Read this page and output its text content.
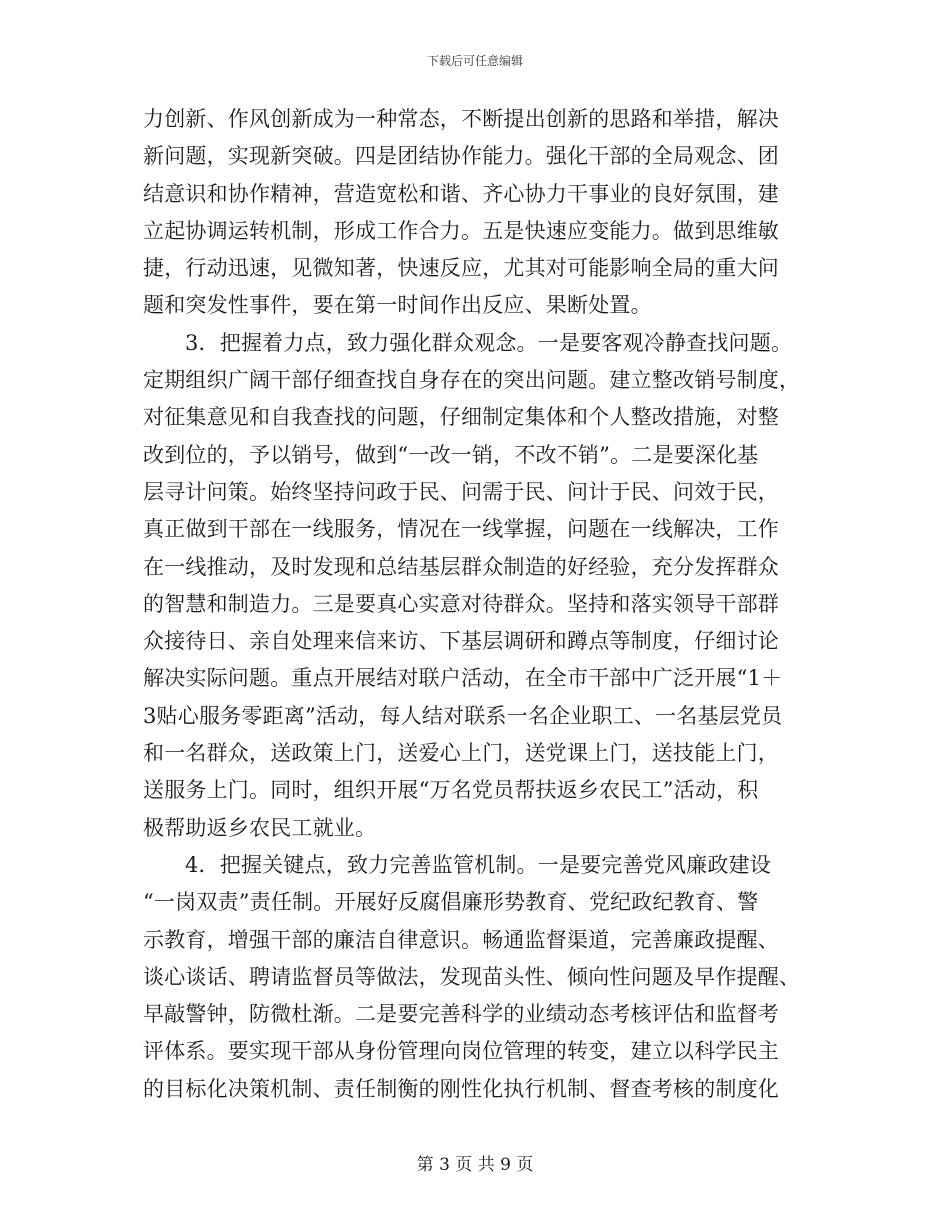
下载后可任意编辑
力创新、作风创新成为一种常态，不断提出创新的思路和举措，解决
新问题，实现新突破。四是团结协作能力。强化干部的全局观念、团
结意识和协作精神，营造宽松和谐、齐心协力干事业的良好氛围，建
立起协调运转机制，形成工作合力。五是快速应变能力。做到思维敏
捷，行动迅速，见微知著，快速反应，尤其对可能影响全局的重大问
题和突发性事件，要在第一时间作出反应、果断处置。
3．把握着力点，致力强化群众观念。一是要客观冷静查找问题。
定期组织广阔干部仔细查找自身存在的突出问题。建立整改销号制度，
对征集意见和自我查找的问题，仔细制定集体和个人整改措施，对整
改到位的，予以销号，做到“一改一销，不改不销”。二是要深化基
层寻计问策。始终坚持问政于民、问需于民、问计于民、问效于民，
真正做到干部在一线服务，情况在一线掌握，问题在一线解决，工作
在一线推动，及时发现和总结基层群众制造的好经验，充分发挥群众
的智慧和制造力。三是要真心实意对待群众。坚持和落实领导干部群
众接待日、亲自处理来信来访、下基层调研和蹲点等制度，仔细讨论
解决实际问题。重点开展结对联户活动，在全市干部中广泛开展“1＋
3贴心服务零距离”活动，每人结对联系一名企业职工、一名基层党员
和一名群众，送政策上门，送爱心上门，送党课上门，送技能上门，
送服务上门。同时，组织开展“万名党员帮扶返乡农民工”活动，积
极帮助返乡农民工就业。
4．把握关键点，致力完善监管机制。一是要完善党风廉政建设
“一岗双责”责任制。开展好反腐倡廉形势教育、党纪政纪教育、警
示教育，增强干部的廉洁自律意识。畅通监督渠道，完善廉政提醒、
谈心谈话、聘请监督员等做法，发现苗头性、倾向性问题及早作提醒、
早敲警钟，防微杜渐。二是要完善科学的业绩动态考核评估和监督考
评体系。要实现干部从身份管理向岗位管理的转变，建立以科学民主
的目标化决策机制、责任制衡的刚性化执行机制、督查考核的制度化
第 3 页 共 9 页
